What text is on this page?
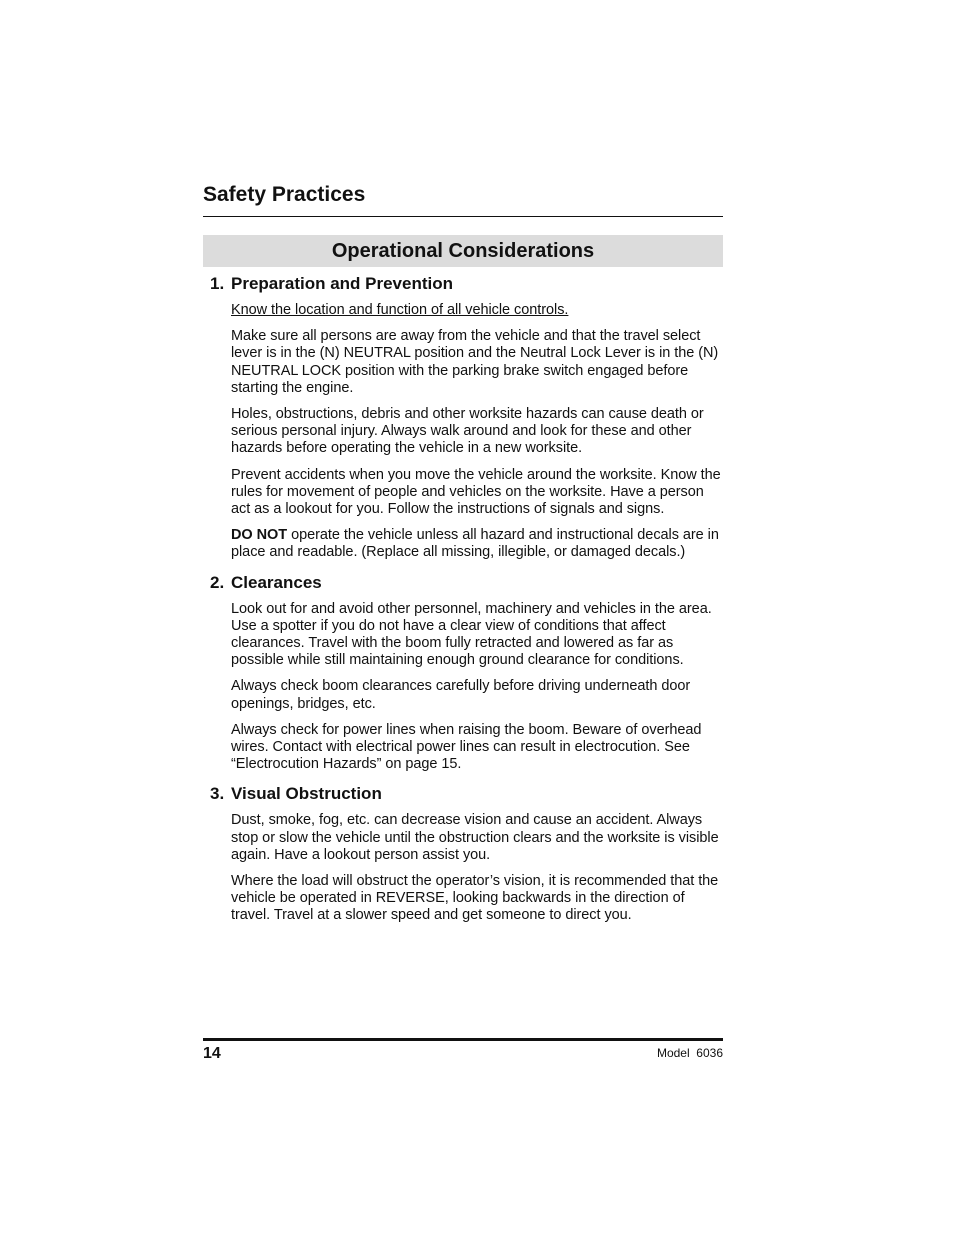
Safety Practices
Operational Considerations
1. Preparation and Prevention

Know the location and function of all vehicle controls.

Make sure all persons are away from the vehicle and that the travel select lever is in the (N) NEUTRAL position and the Neutral Lock Lever is in the (N) NEUTRAL LOCK position with the parking brake switch engaged before starting the engine.

Holes, obstructions, debris and other worksite hazards can cause death or serious personal injury. Always walk around and look for these and other hazards before operating the vehicle in a new worksite.

Prevent accidents when you move the vehicle around the worksite. Know the rules for movement of people and vehicles on the worksite. Have a person act as a lookout for you. Follow the instructions of signals and signs.

DO NOT operate the vehicle unless all hazard and instructional decals are in place and readable. (Replace all missing, illegible, or damaged decals.)

2. Clearances

Look out for and avoid other personnel, machinery and vehicles in the area. Use a spotter if you do not have a clear view of conditions that affect clearances. Travel with the boom fully retracted and lowered as far as possible while still maintaining enough ground clearance for conditions.

Always check boom clearances carefully before driving underneath door openings, bridges, etc.

Always check for power lines when raising the boom. Beware of overhead wires. Contact with electrical power lines can result in electrocution. See “Electrocution Hazards” on page 15.

3. Visual Obstruction

Dust, smoke, fog, etc. can decrease vision and cause an accident. Always stop or slow the vehicle until the obstruction clears and the worksite is visible again. Have a lookout person assist you.

Where the load will obstruct the operator’s vision, it is recommended that the vehicle be operated in REVERSE, looking backwards in the direction of travel. Travel at a slower speed and get someone to direct you.

14	Model  6036
